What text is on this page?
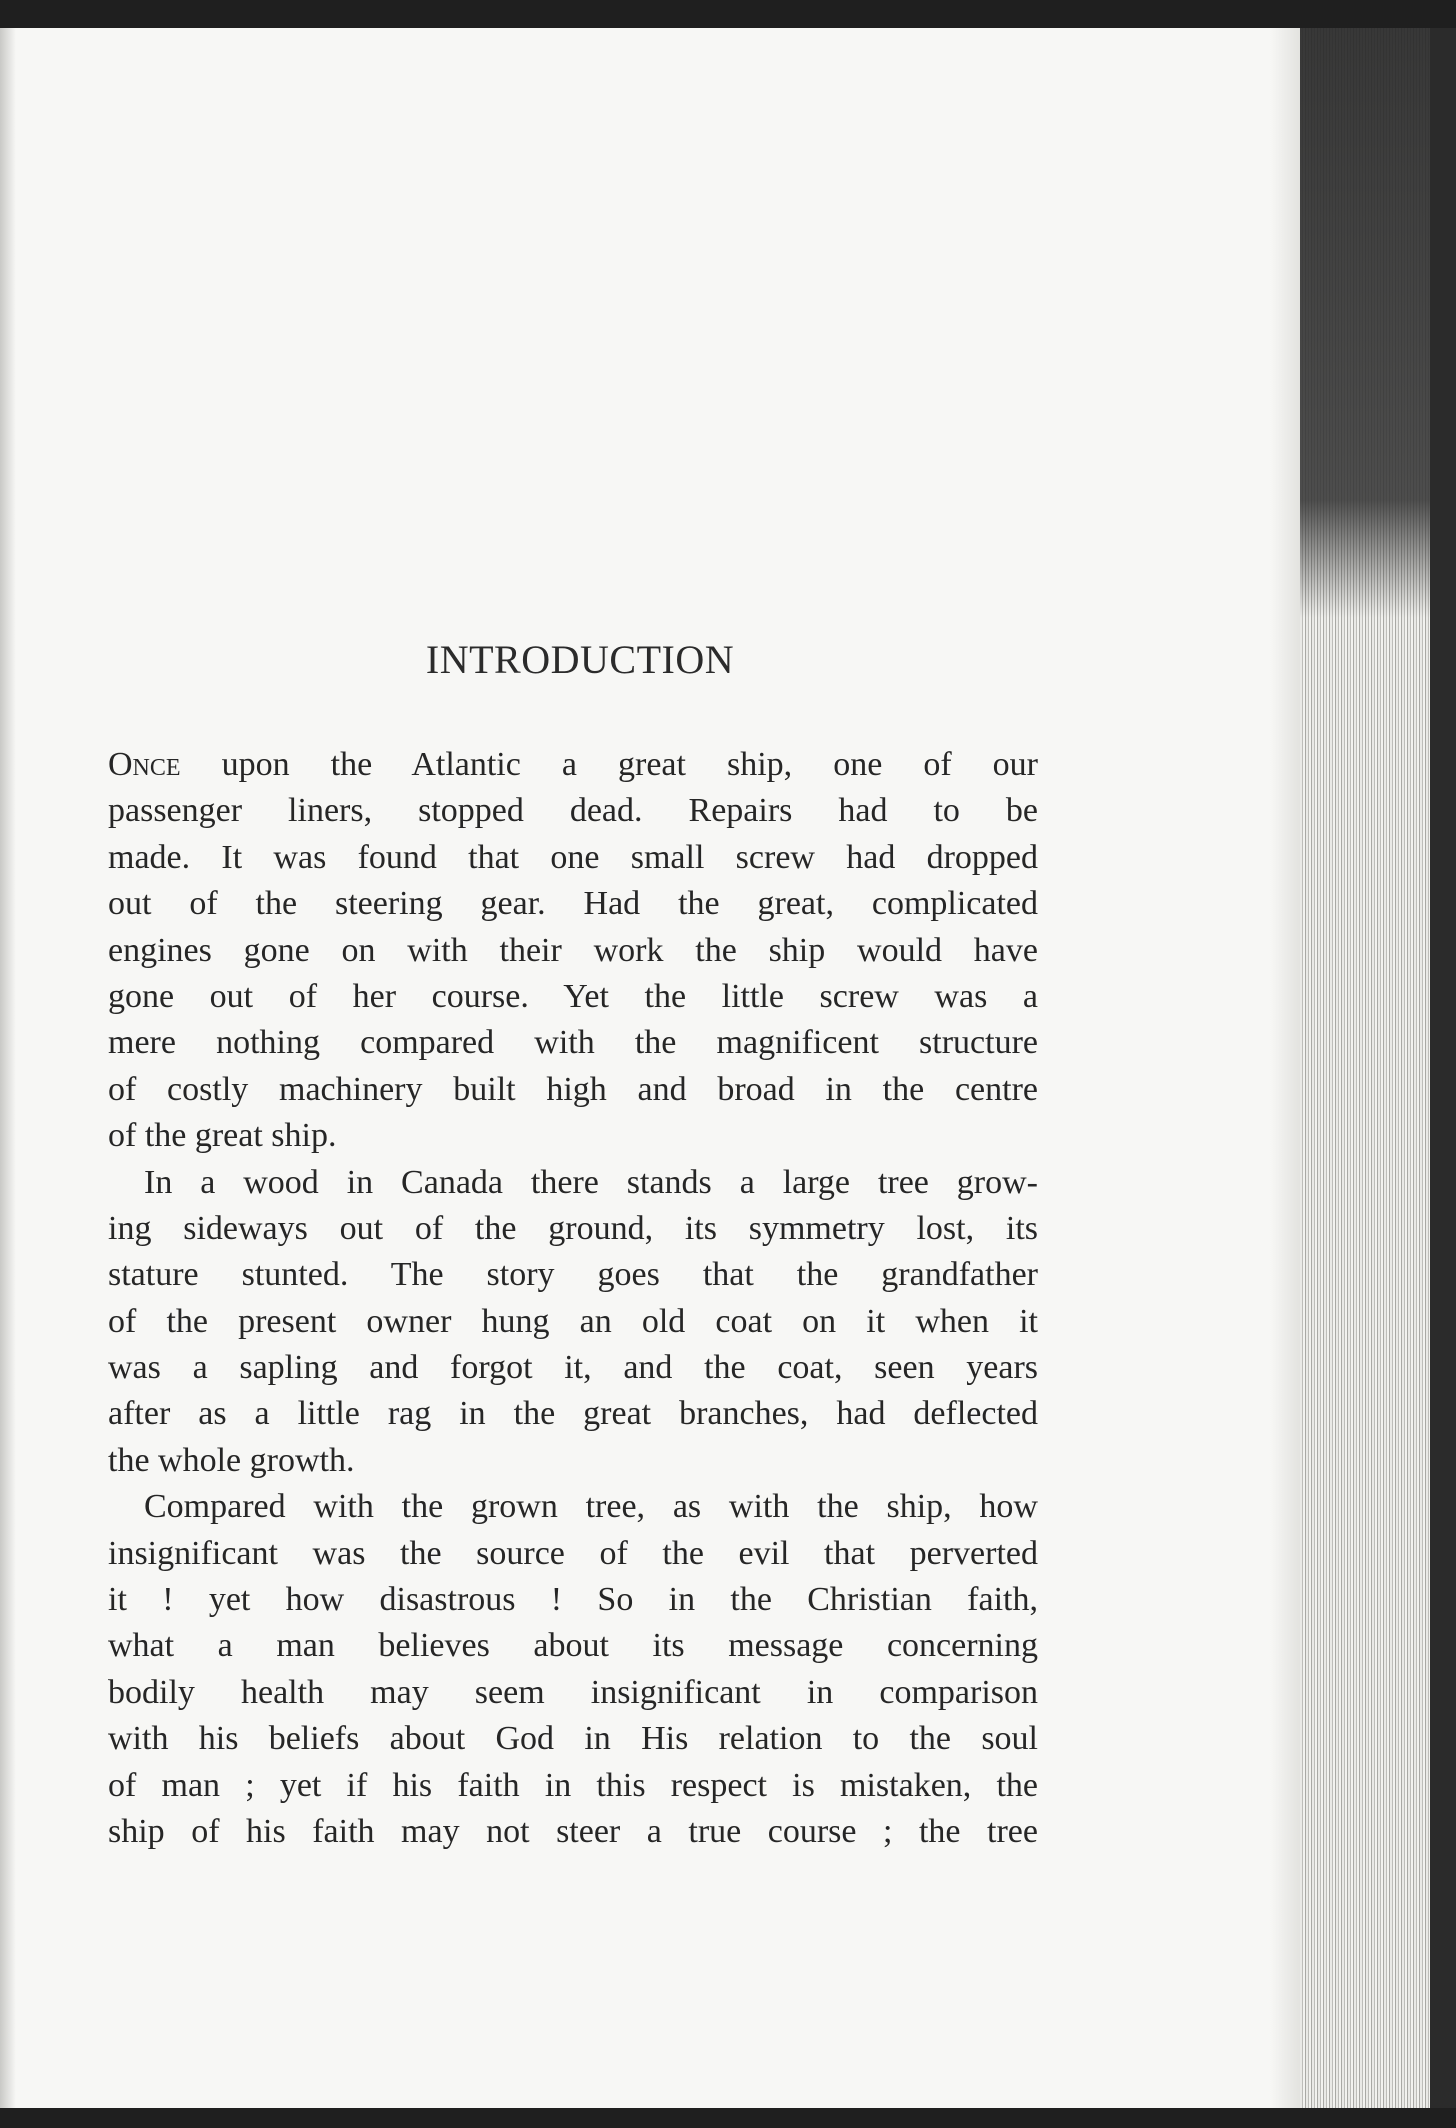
INTRODUCTION
Once upon the Atlantic a great ship, one of our
passenger liners, stopped dead. Repairs had to be
made. It was found that one small screw had dropped
out of the steering gear. Had the great, complicated
engines gone on with their work the ship would have
gone out of her course. Yet the little screw was a
mere nothing compared with the magnificent structure
of costly machinery built high and broad in the centre
of the great ship.
In a wood in Canada there stands a large tree grow-
ing sideways out of the ground, its symmetry lost, its
stature stunted. The story goes that the grandfather
of the present owner hung an old coat on it when it
was a sapling and forgot it, and the coat, seen years
after as a little rag in the great branches, had deflected
the whole growth.
Compared with the grown tree, as with the ship, how
insignificant was the source of the evil that perverted
it ! yet how disastrous ! So in the Christian faith,
what a man believes about its message concerning
bodily health may seem insignificant in comparison
with his beliefs about God in His relation to the soul
of man ; yet if his faith in this respect is mistaken, the
ship of his faith may not steer a true course ; the tree
